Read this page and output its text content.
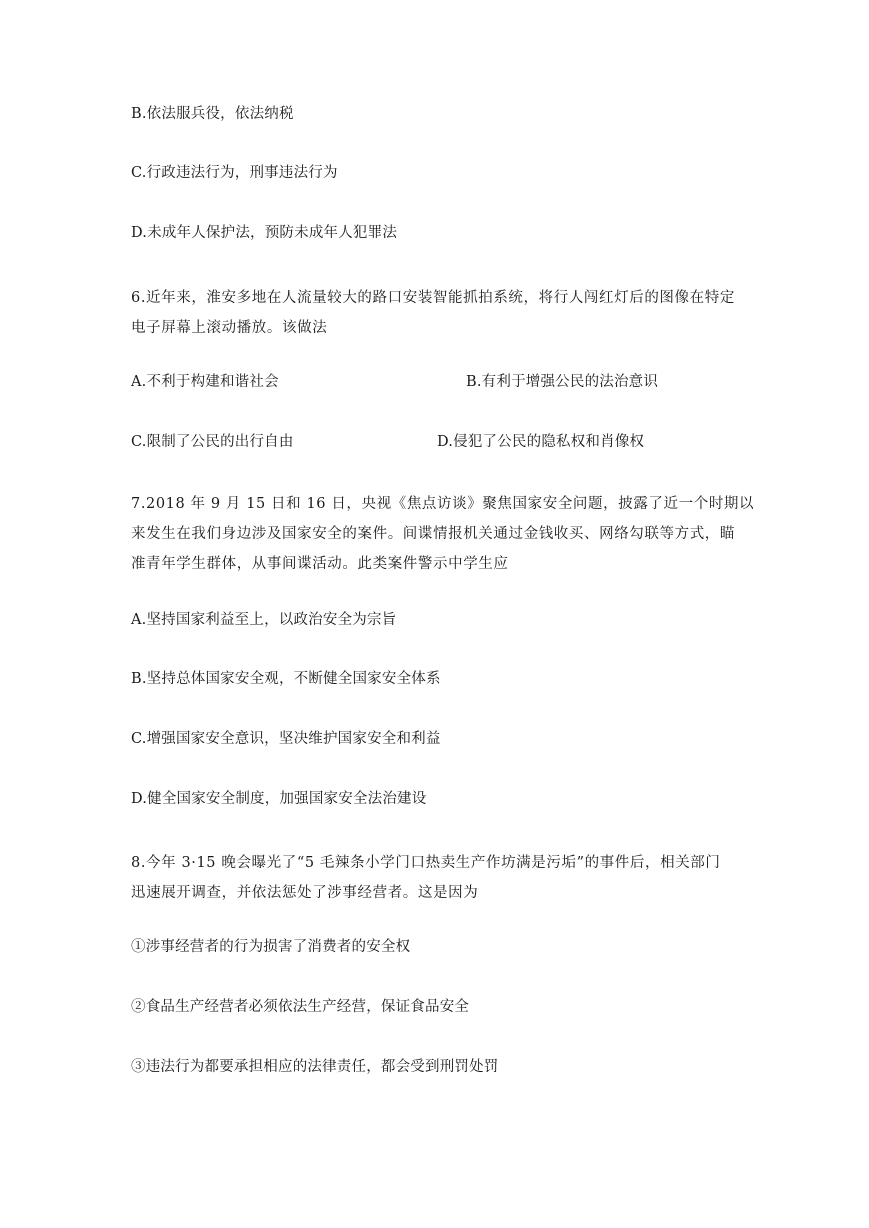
B.依法服兵役，依法纳税
C.行政违法行为，刑事违法行为
D.未成年人保护法，预防未成年人犯罪法
6.近年来，淮安多地在人流量较大的路口安装智能抓拍系统，将行人闯红灯后的图像在特定
电子屏幕上滚动播放。该做法
A.不利于构建和谐社会	B.有利于增强公民的法治意识
C.限制了公民的出行自由	D.侵犯了公民的隐私权和肖像权
7.2018 年 9 月 15 日和 16 日，央视《焦点访谈》聚焦国家安全问题，披露了近一个时期以
来发生在我们身边涉及国家安全的案件。间谍情报机关通过金钱收买、网络勾联等方式，瞄
准青年学生群体，从事间谍活动。此类案件警示中学生应
A.坚持国家利益至上，以政治安全为宗旨
B.坚持总体国家安全观，不断健全国家安全体系
C.增强国家安全意识，坚决维护国家安全和利益
D.健全国家安全制度，加强国家安全法治建设
8.今年 3·15 晚会曝光了“5 毛辣条小学门口热卖生产作坊满是污垢”的事件后，相关部门
迅速展开调查，并依法惩处了涉事经营者。这是因为
①涉事经营者的行为损害了消费者的安全权
②食品生产经营者必须依法生产经营，保证食品安全
③违法行为都要承担相应的法律责任，都会受到刑罚处罚
